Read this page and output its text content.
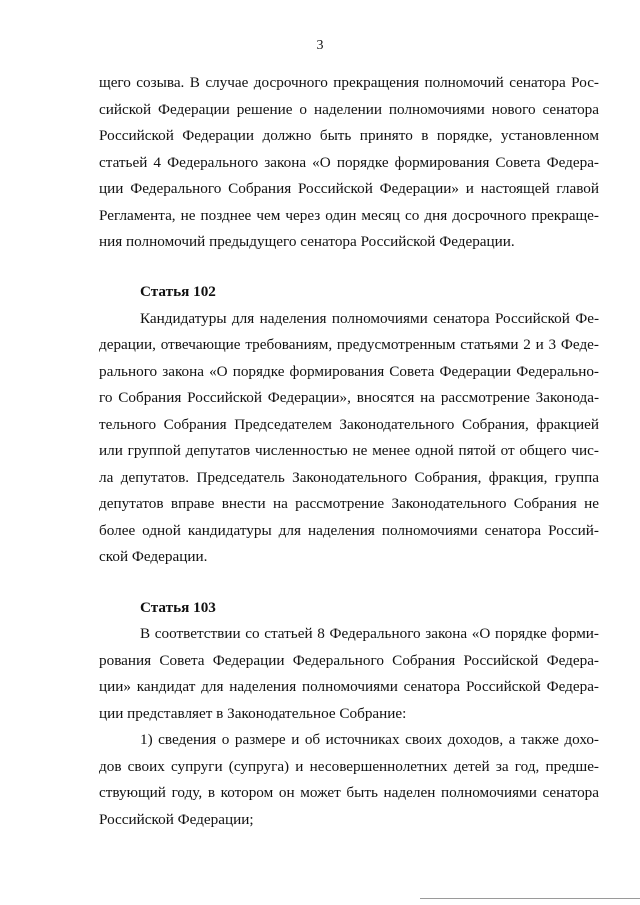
3
щего созыва. В случае досрочного прекращения полномочий сенатора Рос-
сийской Федерации решение о наделении полномочиями нового сенатора
Российской Федерации должно быть принято в порядке, установленном
статьей 4 Федерального закона «О порядке формирования Совета Федера-
ции Федерального Собрания Российской Федерации» и настоящей главой
Регламента, не позднее чем через один месяц со дня досрочного прекраще-
ния полномочий предыдущего сенатора Российской Федерации.
Статья 102
Кандидатуры для наделения полномочиями сенатора Российской Фе-
дерации, отвечающие требованиям, предусмотренным статьями 2 и 3 Феде-
рального закона «О порядке формирования Совета Федерации Федерально-
го Собрания Российской Федерации», вносятся на рассмотрение Законода-
тельного Собрания Председателем Законодательного Собрания, фракцией
или группой депутатов численностью не менее одной пятой от общего чис-
ла депутатов. Председатель Законодательного Собрания, фракция, группа
депутатов вправе внести на рассмотрение Законодательного Собрания не
более одной кандидатуры для наделения полномочиями сенатора Россий-
ской Федерации.
Статья 103
В соответствии со статьей 8 Федерального закона «О порядке форми-
рования Совета Федерации Федерального Собрания Российской Федера-
ции» кандидат для наделения полномочиями сенатора Российской Федера-
ции представляет в Законодательное Собрание:
1) сведения о размере и об источниках своих доходов, а также дохо-
дов своих супруги (супруга) и несовершеннолетних детей за год, предше-
ствующий году, в котором он может быть наделен полномочиями сенатора
Российской Федерации;
